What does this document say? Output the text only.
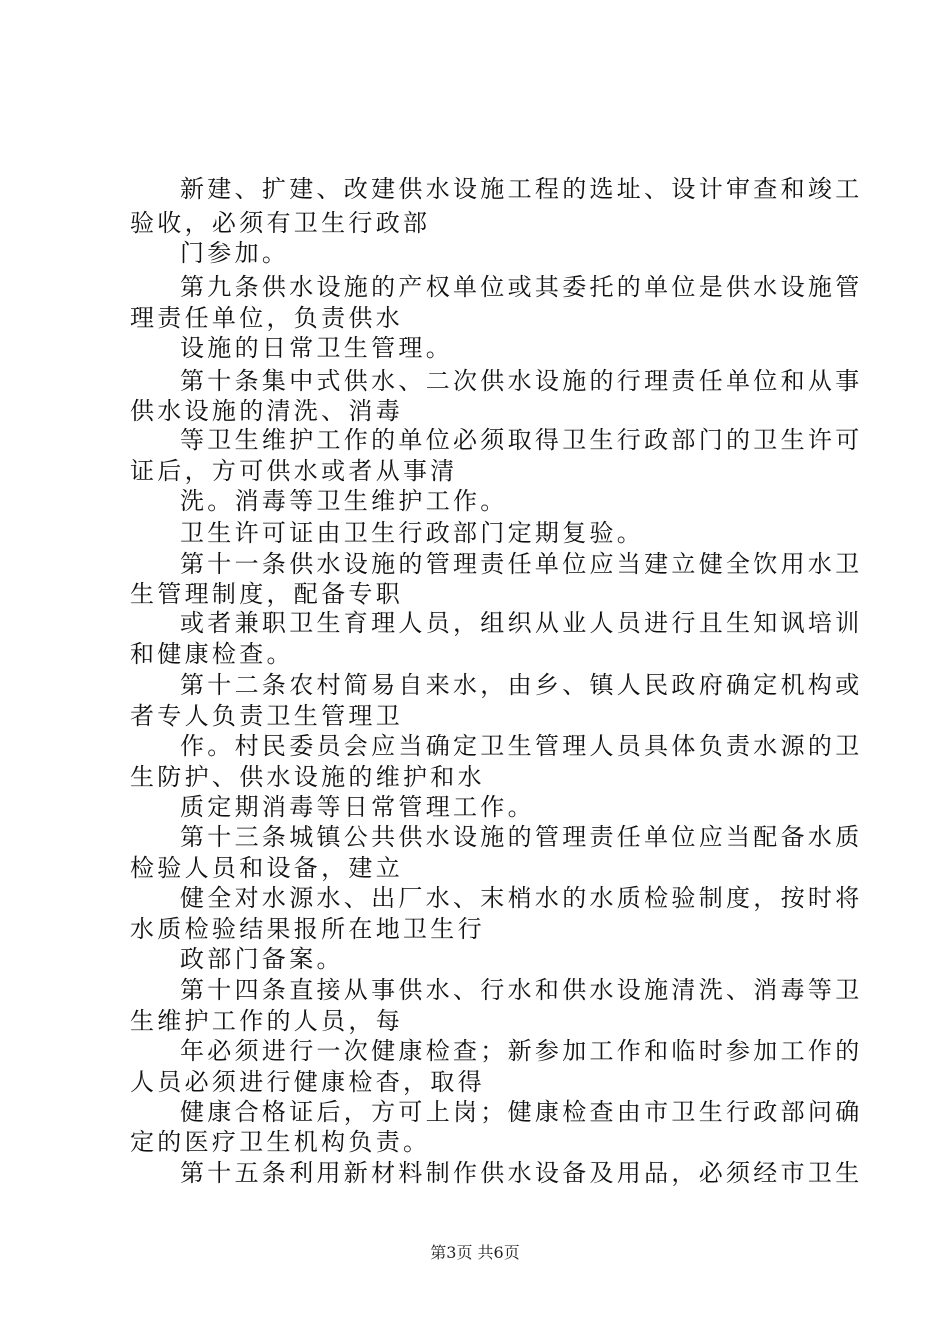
新建、扩建、改建供水设施工程的选址、设计审查和竣工
验收，必须有卫生行政部
门参加。
第九条供水设施的产权单位或其委托的单位是供水设施管
理责任单位，负责供水
设施的日常卫生管理。
第十条集中式供水、二次供水设施的行理责任单位和从事
供水设施的清洗、消毒
等卫生维护工作的单位必须取得卫生行政部门的卫生许可
证后，方可供水或者从事清
洗。消毒等卫生维护工作。
卫生许可证由卫生行政部门定期复验。
第十一条供水设施的管理责任单位应当建立健全饮用水卫
生管理制度，配备专职
或者兼职卫生育理人员，组织从业人员进行且生知讽培训
和健康检查。
第十二条农村简易自来水，由乡、镇人民政府确定机构或
者专人负责卫生管理卫
作。村民委员会应当确定卫生管理人员具体负责水源的卫
生防护、供水设施的维护和水
质定期消毒等日常管理工作。
第十三条城镇公共供水设施的管理责任单位应当配备水质
检验人员和设备，建立
健全对水源水、出厂水、末梢水的水质检验制度，按时将
水质检验结果报所在地卫生行
政部门备案。
第十四条直接从事供水、行水和供水设施清洗、消毒等卫
生维护工作的人员，每
年必须进行一次健康检查；新参加工作和临时参加工作的
人员必须进行健康检杳，取得
健康合格证后，方可上岗；健康检查由市卫生行政部问确
定的医疗卫生机构负责。
第十五条利用新材料制作供水设备及用品，必须经市卫生
第3页 共6页
